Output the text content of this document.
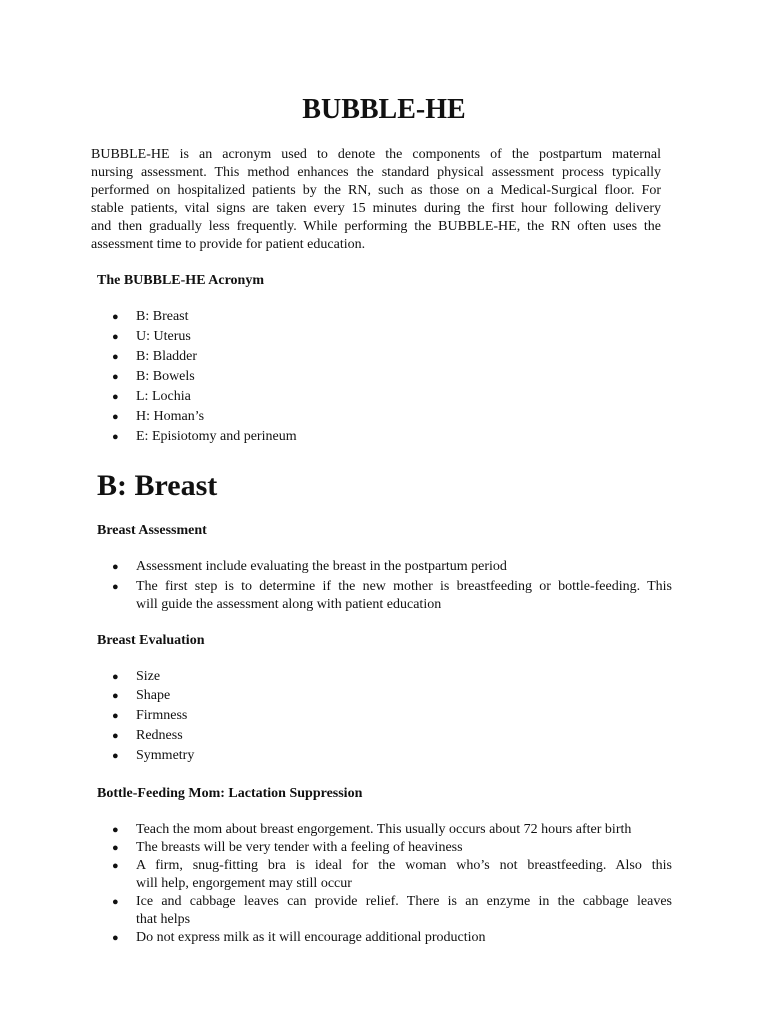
BUBBLE-HE
BUBBLE-HE is an acronym used to denote the components of the postpartum maternal
nursing assessment. This method enhances the standard physical assessment process typically
performed on hospitalized patients by the RN, such as those on a Medical-Surgical floor. For
stable patients, vital signs are taken every 15 minutes during the first hour following delivery
and then gradually less frequently. While performing the BUBBLE-HE, the RN often uses the
assessment time to provide for patient education.
The BUBBLE-HE Acronym
● B: Breast
● U: Uterus
● B: Bladder
● B: Bowels
● L: Lochia
● H: Homan’s
● E: Episiotomy and perineum
B: Breast
Breast Assessment
● Assessment include evaluating the breast in the postpartum period
● The first step is to determine if the new mother is breastfeeding or bottle-feeding. This
will guide the assessment along with patient education
Breast Evaluation
● Size
● Shape
● Firmness
● Redness
● Symmetry
Bottle-Feeding Mom: Lactation Suppression
● Teach the mom about breast engorgement. This usually occurs about 72 hours after birth
● The breasts will be very tender with a feeling of heaviness
● A firm, snug-fitting bra is ideal for the woman who’s not breastfeeding. Also this
will help, engorgement may still occur
● Ice and cabbage leaves can provide relief. There is an enzyme in the cabbage leaves
that helps
● Do not express milk as it will encourage additional production
